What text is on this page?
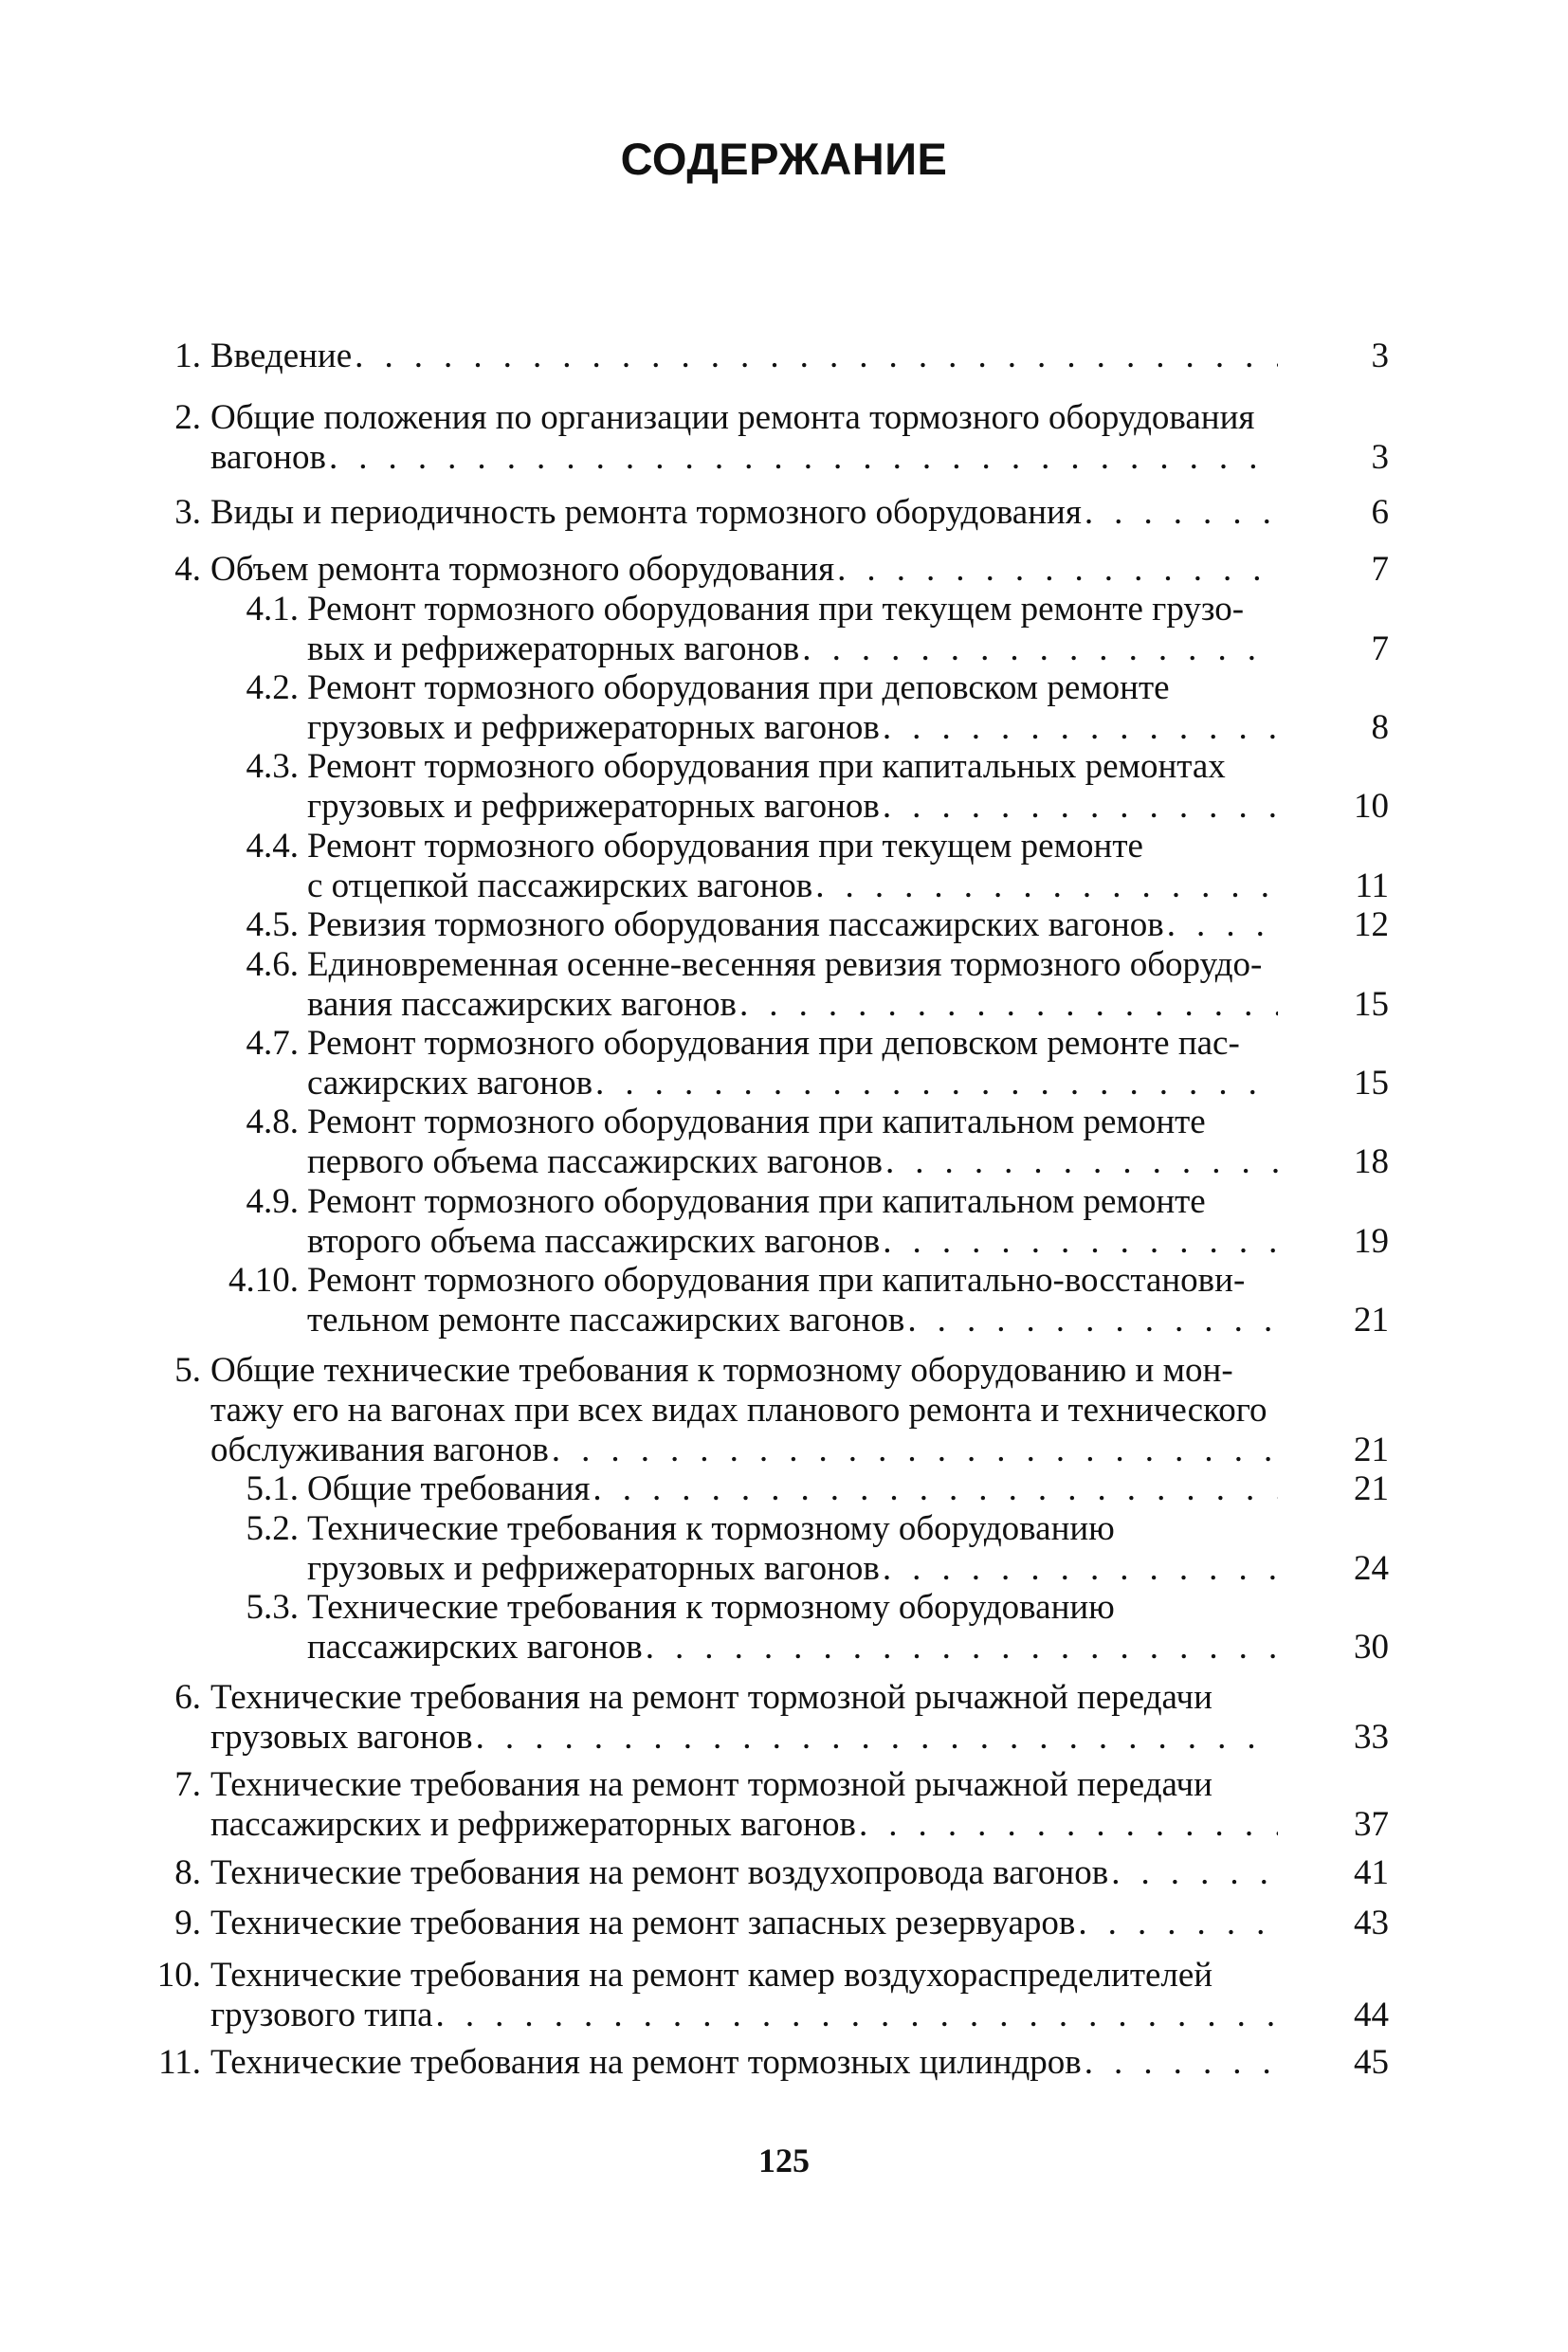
СОДЕРЖАНИЕ
1. Введение . . .	3
2. Общие положения по организации ремонта тормозного оборудования
вагонов . . .	3
3. Виды и периодичность ремонта тормозного оборудования . . .	6
4. Объем ремонта тормозного оборудования . . .	7
4.1. Ремонт тормозного оборудования при текущем ремонте грузо-
вых и рефрижераторных вагонов . . .	7
4.2. Ремонт тормозного оборудования при деповском ремонте
грузовых и рефрижераторных вагонов . . .	8
4.3. Ремонт тормозного оборудования при капитальных ремонтах
грузовых и рефрижераторных вагонов . . .	10
4.4. Ремонт тормозного оборудования при текущем ремонте
с отцепкой пассажирских вагонов . . .	11
4.5. Ревизия тормозного оборудования пассажирских вагонов . . .	12
4.6. Единовременная осенне-весенняя ревизия тормозного оборудо-
вания пассажирских вагонов . . .	15
4.7. Ремонт тормозного оборудования при деповском ремонте пас-
сажирских вагонов . . .	15
4.8. Ремонт тормозного оборудования при капитальном ремонте
первого объема пассажирских вагонов . . .	18
4.9. Ремонт тормозного оборудования при капитальном ремонте
второго объема пассажирских вагонов . . .	19
4.10. Ремонт тормозного оборудования при капитально-восстанови-
тельном ремонте пассажирских вагонов . . .	21
5. Общие технические требования к тормозному оборудованию и мон-
тажу его на вагонах при всех видах планового ремонта и технического
обслуживания вагонов . . .	21
5.1. Общие требования . . .	21
5.2. Технические требования к тормозному оборудованию
грузовых и рефрижераторных вагонов . . .	24
5.3. Технические требования к тормозному оборудованию
пассажирских вагонов . . .	30
6. Технические требования на ремонт тормозной рычажной передачи
грузовых вагонов . . .	33
7. Технические требования на ремонт тормозной рычажной передачи
пассажирских и рефрижераторных вагонов . . .	37
8. Технические требования на ремонт воздухопровода вагонов . . .	41
9. Технические требования на ремонт запасных резервуаров . . .	43
10. Технические требования на ремонт камер воздухораспределителей
грузового типа . . .	44
11. Технические требования на ремонт тормозных цилиндров . . .	45
125
